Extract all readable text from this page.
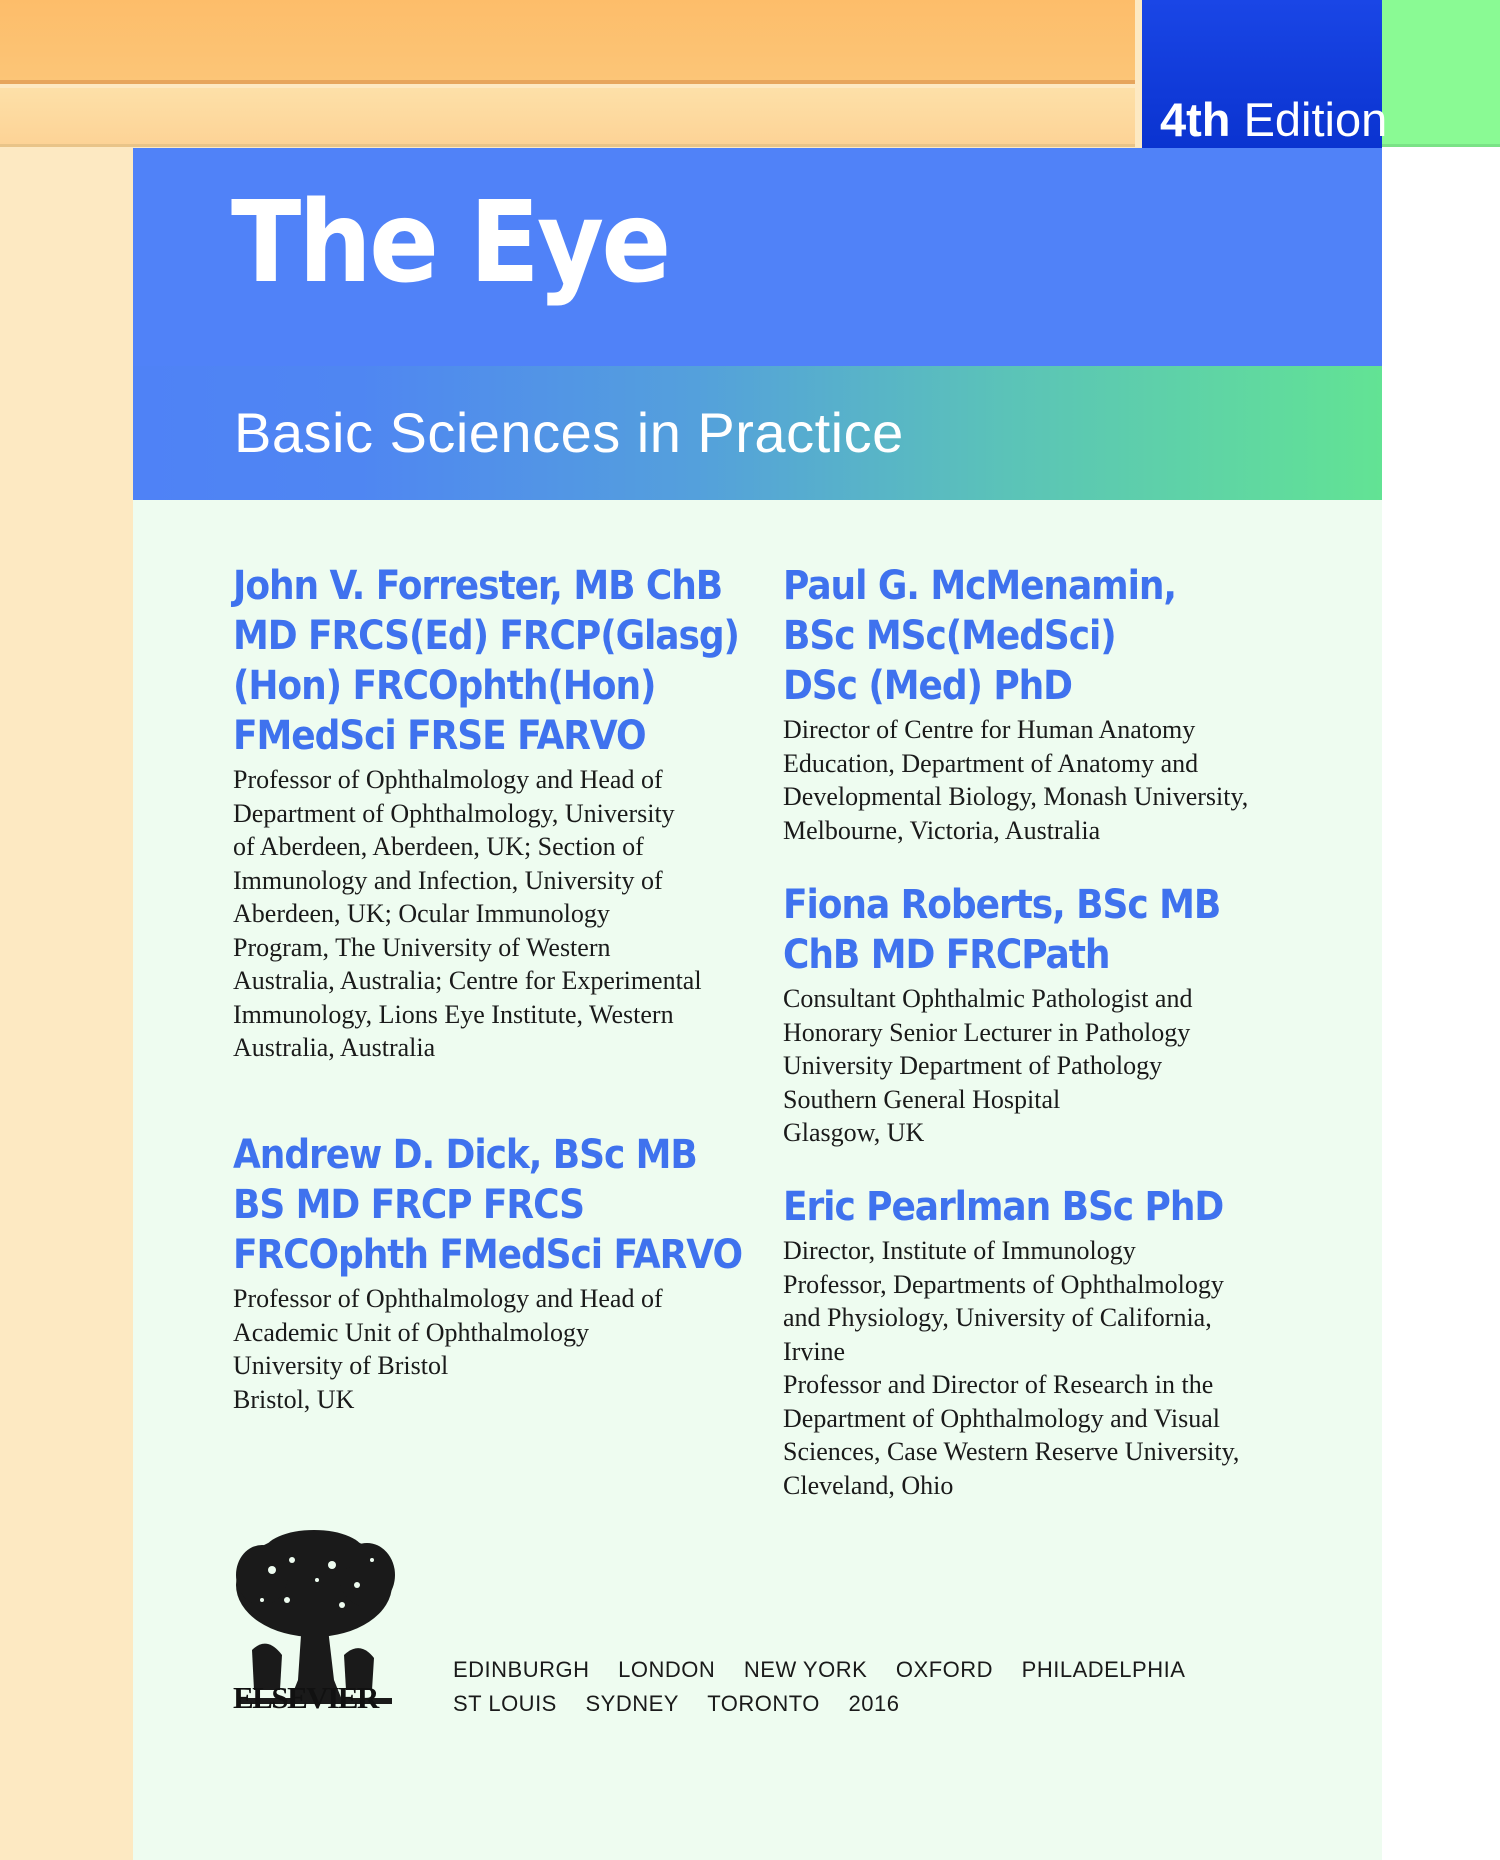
4th Edition
The Eye
Basic Sciences in Practice
John V. Forrester, MB ChB
MD FRCS(Ed) FRCP(Glasg)
(Hon) FRCOphth(Hon)
FMedSci FRSE FARVO
Professor of Ophthalmology and Head of
Department of Ophthalmology, University
of Aberdeen, Aberdeen, UK; Section of
Immunology and Infection, University of
Aberdeen, UK; Ocular Immunology
Program, The University of Western
Australia, Australia; Centre for Experimental
Immunology, Lions Eye Institute, Western
Australia, Australia
Paul G. McMenamin,
BSc MSc(MedSci)
DSc (Med) PhD
Director of Centre for Human Anatomy
Education, Department of Anatomy and
Developmental Biology, Monash University,
Melbourne, Victoria, Australia
Fiona Roberts, BSc MB
ChB MD FRCPath
Consultant Ophthalmic Pathologist and
Honorary Senior Lecturer in Pathology
University Department of Pathology
Southern General Hospital
Glasgow, UK
Andrew D. Dick, BSc MB
BS MD FRCP FRCS
FRCOphth FMedSci FARVO
Professor of Ophthalmology and Head of
Academic Unit of Ophthalmology
University of Bristol
Bristol, UK
Eric Pearlman BSc PhD
Director, Institute of Immunology
Professor, Departments of Ophthalmology
and Physiology, University of California,
Irvine
Professor and Director of Research in the
Department of Ophthalmology and Visual
Sciences, Case Western Reserve University,
Cleveland, Ohio
ELSEVIER
EDINBURGH LONDON NEW YORK OXFORD PHILADELPHIA
ST LOUIS SYDNEY TORONTO 2016
